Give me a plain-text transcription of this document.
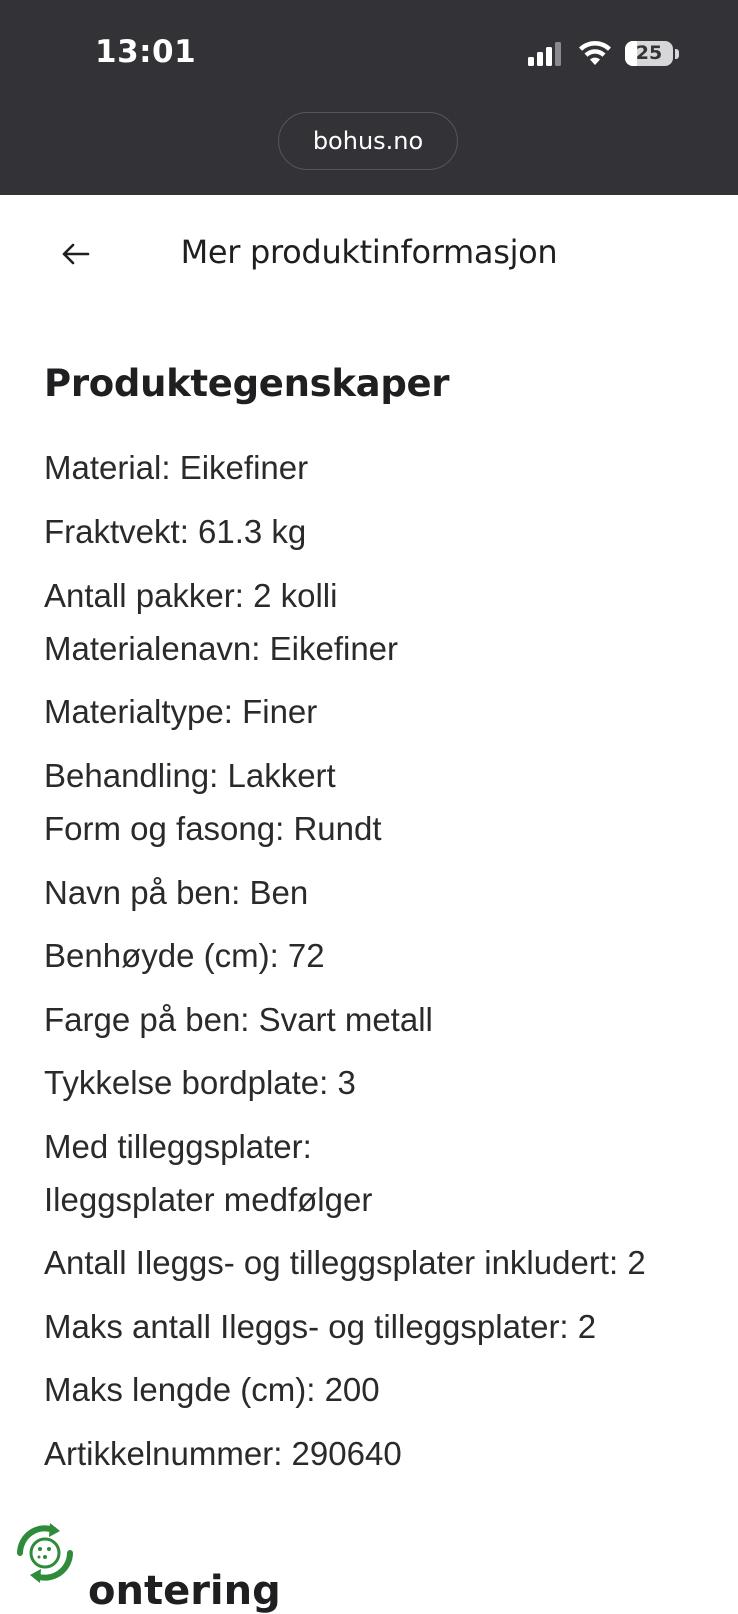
13:01	25
bohus.no
Mer produktinformasjon
Produktegenskaper
Material: Eikefiner
Fraktvekt: 61.3 kg
Antall pakker: 2 kolli
Materialenavn: Eikefiner
Materialtype: Finer
Behandling: Lakkert
Form og fasong: Rundt
Navn på ben: Ben
Benhøyde (cm): 72
Farge på ben: Svart metall
Tykkelse bordplate: 3
Med tilleggsplater:
Ileggsplater medfølger
Antall Ileggs- og tilleggsplater inkludert: 2
Maks antall Ileggs- og tilleggsplater: 2
Maks lengde (cm): 200
Artikkelnummer: 290640
ontering
